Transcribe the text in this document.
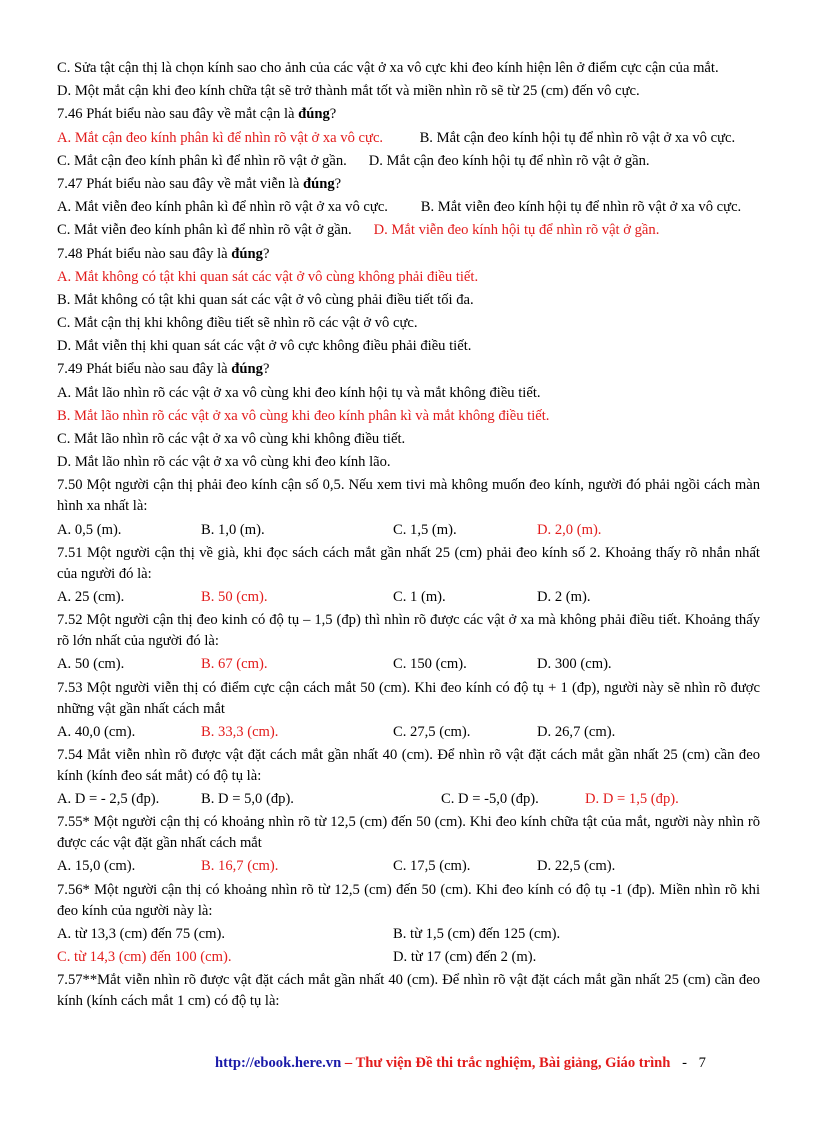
C. Sửa tật cận thị là chọn kính sao cho ảnh của các vật ở xa vô cực khi đeo kính hiện lên ở điểm cực cận của mắt.
D. Một mắt cận khi đeo kính chữa tật sẽ trở thành mắt tốt và miền nhìn rõ sẽ từ 25 (cm) đến vô cực.
7.46 Phát biểu nào sau đây về mắt cận là đúng?
A. Mắt cận đeo kính phân kì để nhìn rõ vật ở xa vô cực.          B. Mắt cận đeo kính hội tụ để nhìn rõ vật ở xa vô cực.
C. Mắt cận đeo kính phân kì để nhìn rõ vật ở gần.      D. Mắt cận đeo kính hội tụ để nhìn rõ vật ở gần.
7.47 Phát biểu nào sau đây về mắt viễn là đúng?
A. Mắt viễn đeo kính phân kì để nhìn rõ vật ở xa vô cực.         B. Mắt viễn đeo kính hội tụ để nhìn rõ vật ở xa vô cực.
C. Mắt viễn đeo kính phân kì để nhìn rõ vật ở gần.      D. Mắt viễn đeo kính hội tụ để nhìn rõ vật ở gần.
7.48 Phát biểu nào sau đây là đúng?
A. Mắt không có tật khi quan sát các vật ở vô cùng không phải điều tiết.
B. Mắt không có tật khi quan sát các vật ở vô cùng phải điều tiết tối đa.
C. Mắt cận thị khi không điều tiết sẽ nhìn rõ các vật ở vô cực.
D. Mắt viễn thị khi quan sát các vật ở vô cực không điều phải điều tiết.
7.49 Phát biểu nào sau đây là đúng?
A. Mắt lão nhìn rõ các vật ở xa vô cùng khi đeo kính hội tụ và mắt không điều tiết.
B. Mắt lão nhìn rõ các vật ở xa vô cùng khi đeo kính phân kì và mắt không điều tiết.
C. Mắt lão nhìn rõ các vật ở xa vô cùng khi không điều tiết.
D. Mắt lão nhìn rõ các vật ở xa vô cùng khi đeo kính lão.
7.50 Một người cận thị phải đeo kính cận số 0,5. Nếu xem tivi mà không muốn đeo kính, người đó phải ngồi cách màn hình xa nhất là:
A. 0,5 (m).	B. 1,0 (m).	C. 1,5 (m).	D. 2,0 (m).
7.51 Một người cận thị về già, khi đọc sách cách mắt gần nhất 25 (cm) phải đeo kính số 2. Khoảng thấy rõ nhắn nhất của người đó là:
A. 25 (cm).	B. 50 (cm).	C. 1 (m).	D. 2 (m).
7.52 Một người cận thị đeo kinh có độ tụ – 1,5 (đp) thì nhìn rõ được các vật ở xa mà không phải điều tiết. Khoảng thấy rõ lớn nhất của người đó là:
A. 50 (cm).	B. 67 (cm).	C. 150 (cm).	D. 300 (cm).
7.53 Một người viễn thị có điểm cực cận cách mắt 50 (cm). Khi đeo kính có độ tụ + 1 (đp), người này sẽ nhìn rõ được những vật gần nhất cách mắt
A. 40,0 (cm).	B. 33,3 (cm).	C. 27,5 (cm).	D. 26,7 (cm).
7.54 Mắt viễn nhìn rõ được vật đặt cách mắt gần nhất 40 (cm). Để nhìn rõ vật đặt cách mắt gần nhất 25 (cm) cần đeo kính (kính đeo sát mắt) có độ tụ là:
A. D = - 2,5 (đp).	B. D = 5,0 (đp).	C. D = -5,0 (đp).	D. D = 1,5 (đp).
7.55* Một người cận thị có khoảng nhìn rõ từ 12,5 (cm) đến 50 (cm). Khi đeo kính chữa tật của mắt, người này nhìn rõ được các vật đặt gần nhất cách mắt
A. 15,0 (cm).	B. 16,7 (cm).	C. 17,5 (cm).	D. 22,5 (cm).
7.56* Một người cận thị có khoảng nhìn rõ từ 12,5 (cm) đến 50 (cm). Khi đeo kính có độ tụ -1 (đp). Miền nhìn rõ khi đeo kính của người này là:
A. từ 13,3 (cm) đến 75 (cm).	B. từ 1,5 (cm) đến 125 (cm).
C. từ 14,3 (cm) đến 100 (cm).	D. từ 17 (cm) đến 2 (m).
7.57**Mắt viễn nhìn rõ được vật đặt cách mắt gần nhất 40 (cm). Để nhìn rõ vật đặt cách mắt gần nhất 25 (cm) cần đeo kính (kính cách mắt 1 cm) có độ tụ là:
http://ebook.here.vn – Thư viện Đề thi trắc nghiệm, Bài giảng, Giáo trình - 7
